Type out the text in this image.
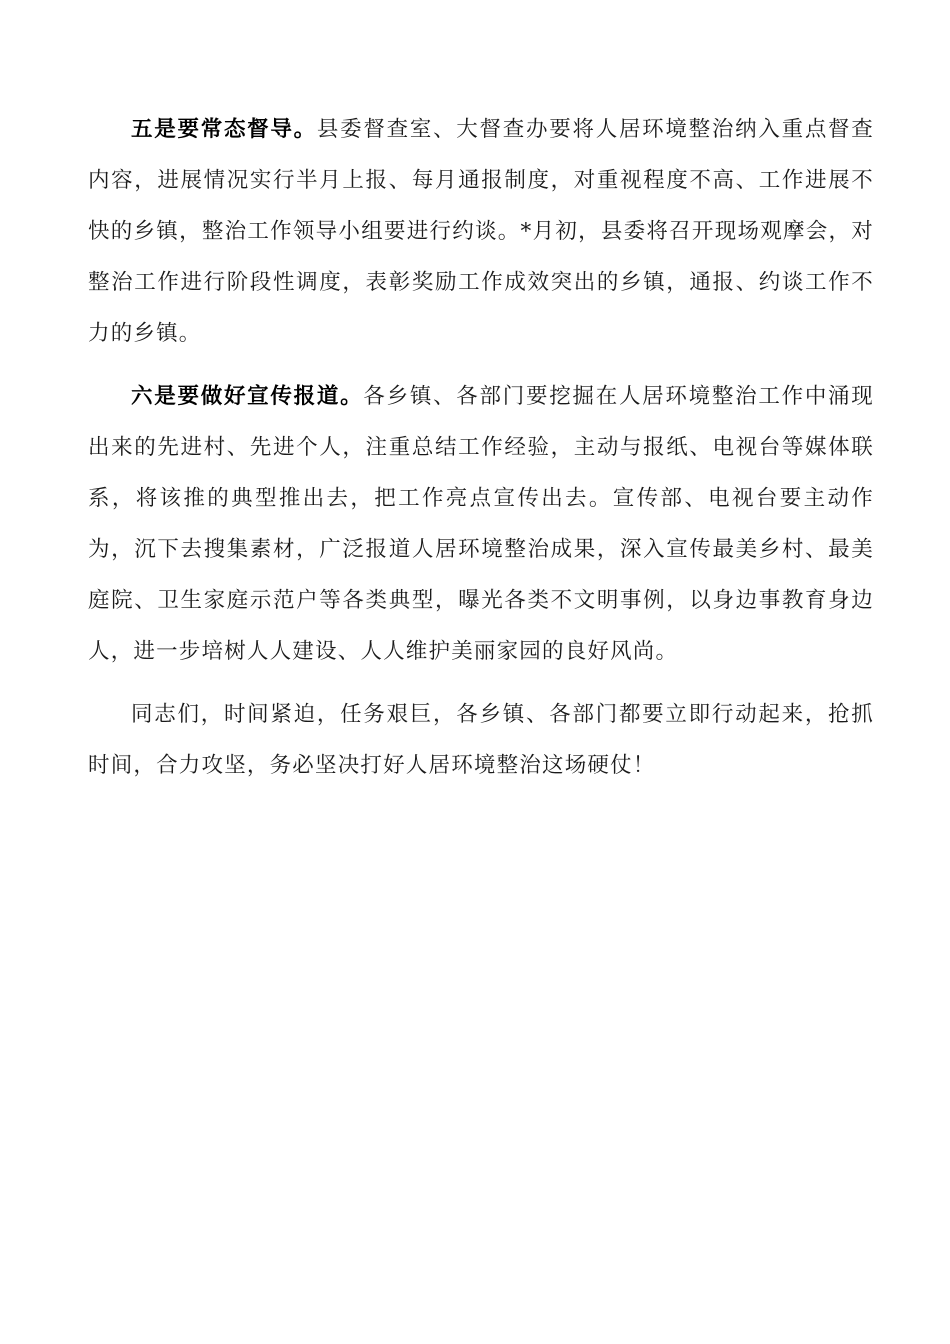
五是要常态督导。县委督查室、大督查办要将人居环境整治纳入重点督查内容，进展情况实行半月上报、每月通报制度，对重视程度不高、工作进展不快的乡镇，整治工作领导小组要进行约谈。*月初，县委将召开现场观摩会，对整治工作进行阶段性调度，表彰奖励工作成效突出的乡镇，通报、约谈工作不力的乡镇。

六是要做好宣传报道。各乡镇、各部门要挖掘在人居环境整治工作中涌现出来的先进村、先进个人，注重总结工作经验，主动与报纸、电视台等媒体联系，将该推的典型推出去，把工作亮点宣传出去。宣传部、电视台要主动作为，沉下去搜集素材，广泛报道人居环境整治成果，深入宣传最美乡村、最美庭院、卫生家庭示范户等各类典型，曝光各类不文明事例，以身边事教育身边人，进一步培树人人建设、人人维护美丽家园的良好风尚。

同志们，时间紧迫，任务艰巨，各乡镇、各部门都要立即行动起来，抢抓时间，合力攻坚，务必坚决打好人居环境整治这场硬仗！
